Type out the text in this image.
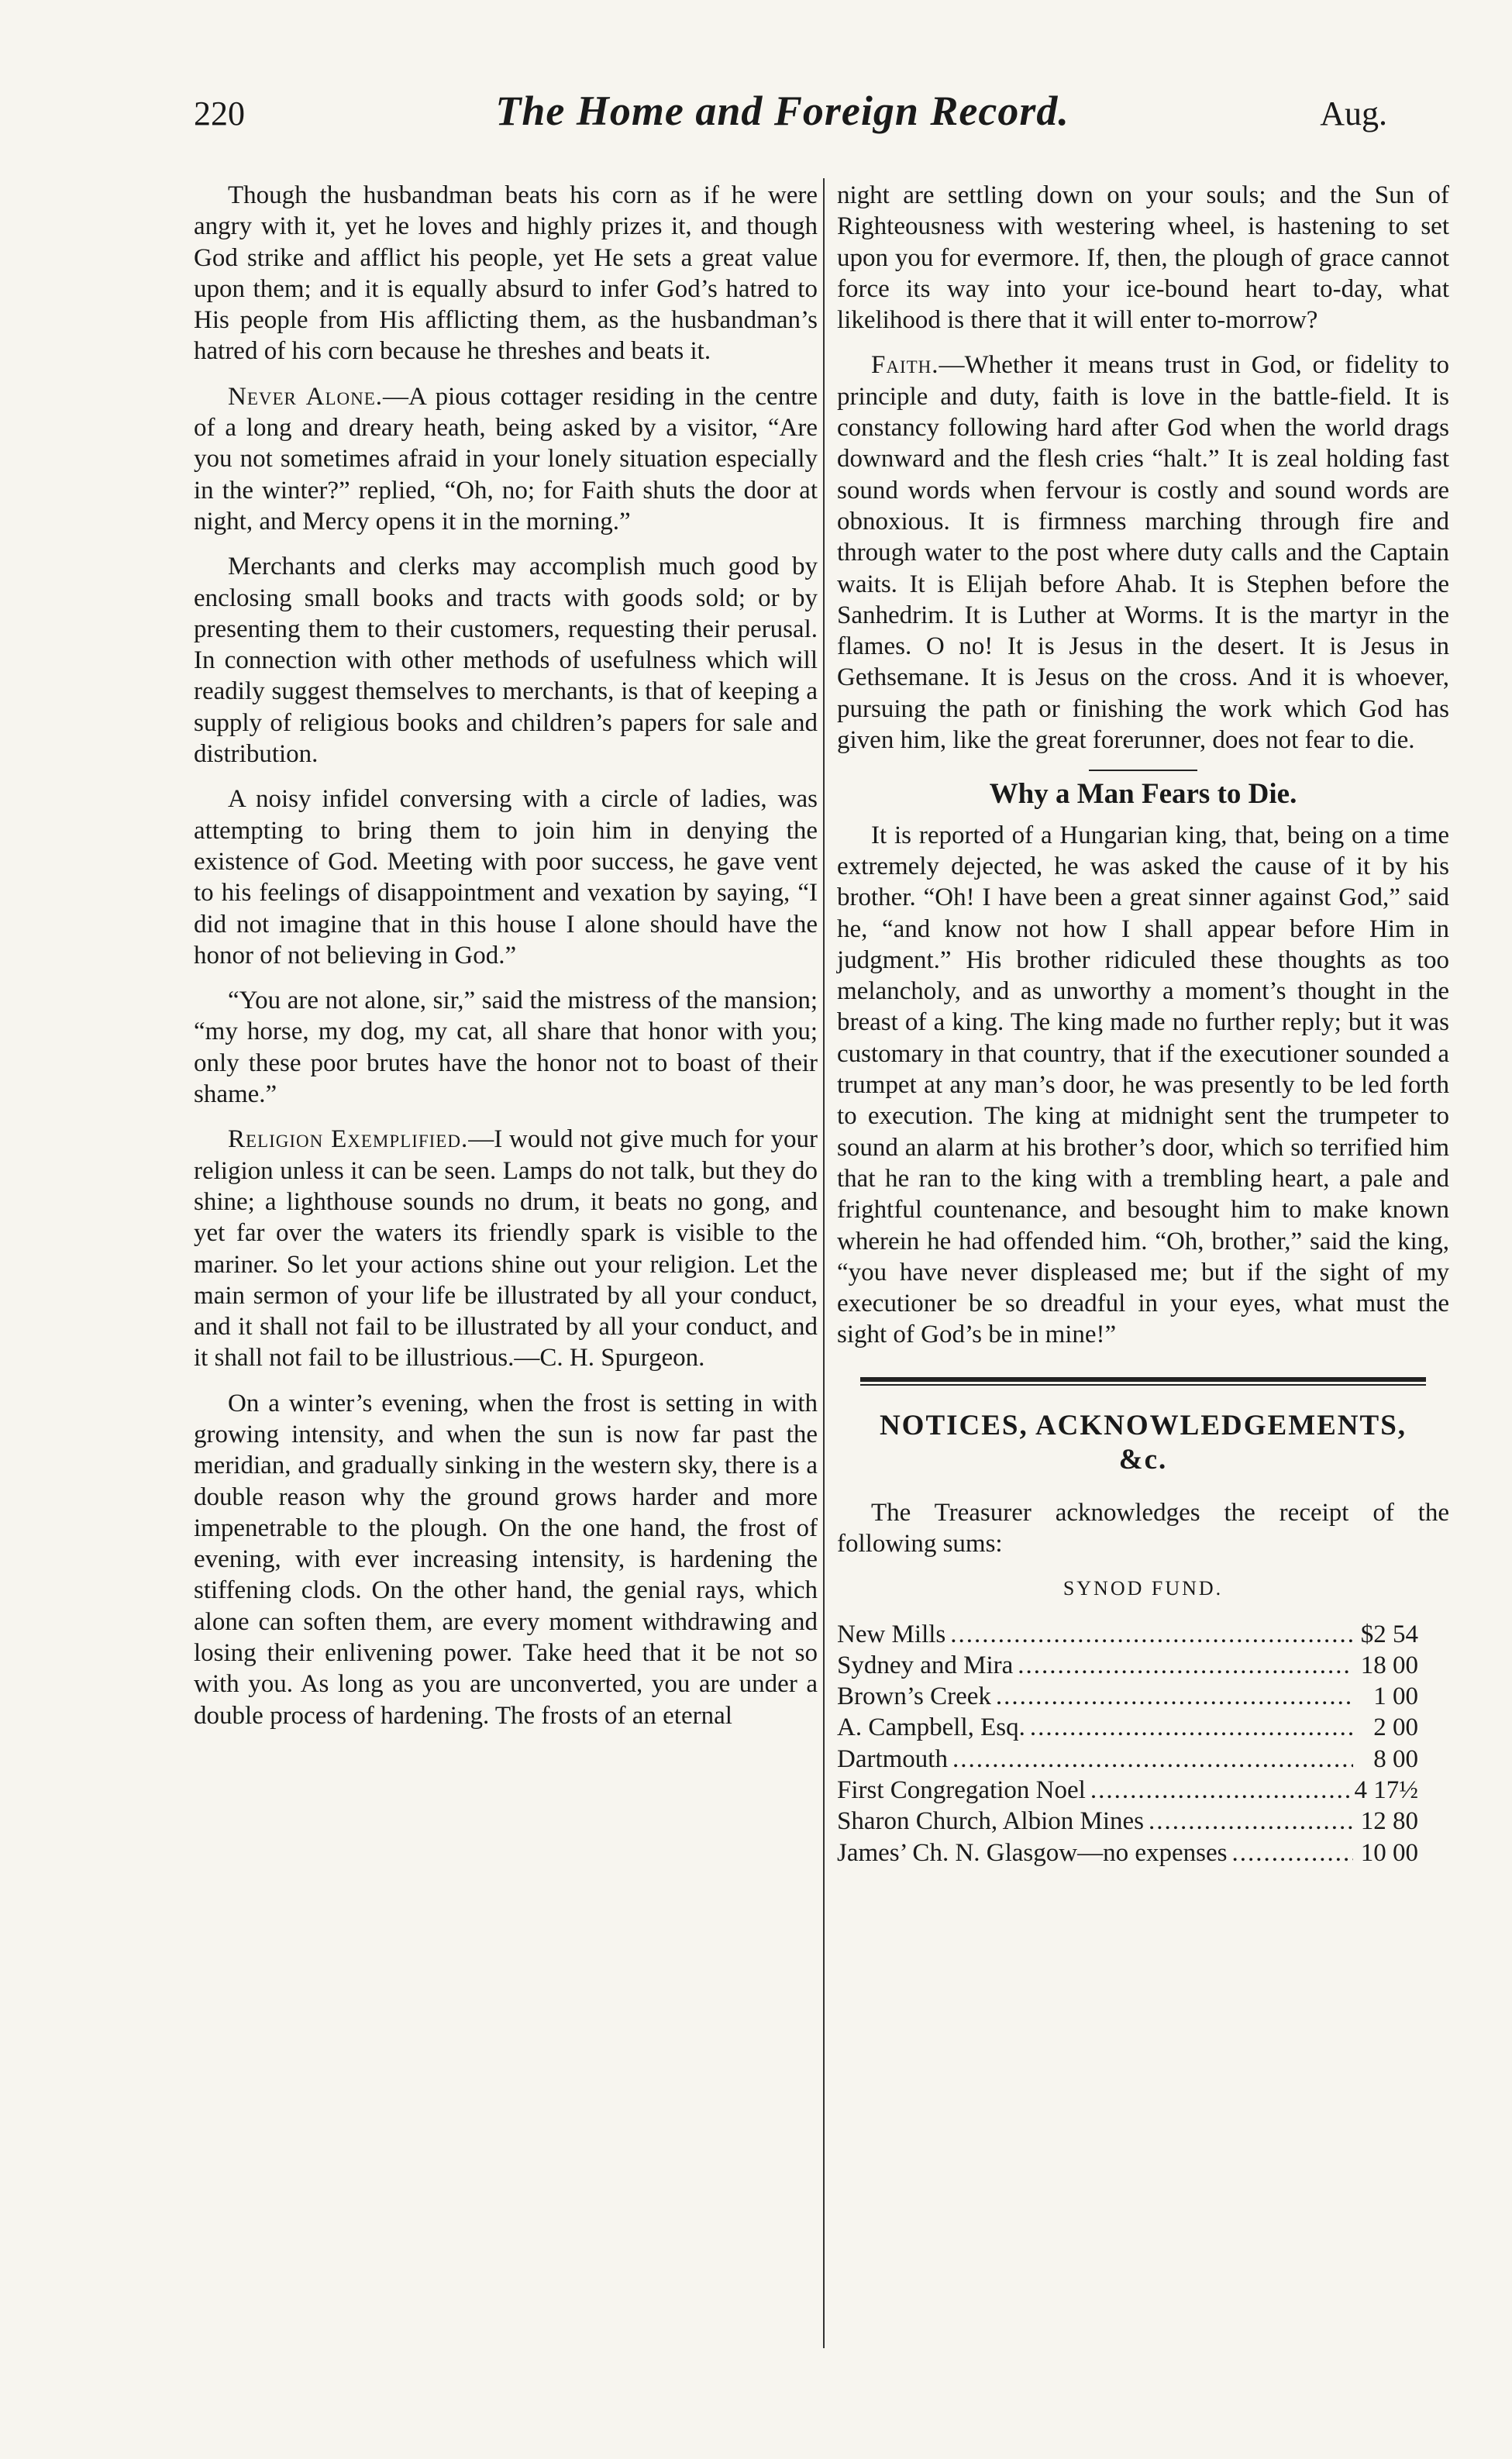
220	The Home and Foreign Record.	Aug.

Though the husbandman beats his corn as if he were angry with it, yet he loves and highly prizes it, and though God strike and afflict his people, yet He sets a great value upon them; and it is equally absurd to infer God’s hatred to His people from His afflicting them, as the husbandman’s hatred of his corn because he threshes and beats it.

Never Alone.—A pious cottager residing in the centre of a long and dreary heath, being asked by a visitor, “Are you not sometimes afraid in your lonely situation especially in the winter?” replied, “Oh, no; for Faith shuts the door at night, and Mercy opens it in the morning.”

Merchants and clerks may accomplish much good by enclosing small books and tracts with goods sold; or by presenting them to their customers, requesting their perusal. In connection with other methods of usefulness which will readily suggest themselves to merchants, is that of keeping a supply of religious books and children’s papers for sale and distribution.

A noisy infidel conversing with a circle of ladies, was attempting to bring them to join him in denying the existence of God. Meeting with poor success, he gave vent to his feelings of disappointment and vexation by saying, “I did not imagine that in this house I alone should have the honor of not believing in God.”

“You are not alone, sir,” said the mistress of the mansion; “my horse, my dog, my cat, all share that honor with you; only these poor brutes have the honor not to boast of their shame.”

Religion Exemplified.—I would not give much for your religion unless it can be seen. Lamps do not talk, but they do shine; a lighthouse sounds no drum, it beats no gong, and yet far over the waters its friendly spark is visible to the mariner. So let your actions shine out your religion. Let the main sermon of your life be illustrated by all your conduct, and it shall not fail to be illustrated by all your conduct, and it shall not fail to be illustrious.—C. H. Spurgeon.

On a winter’s evening, when the frost is setting in with growing intensity, and when the sun is now far past the meridian, and gradually sinking in the western sky, there is a double reason why the ground grows harder and more impenetrable to the plough. On the one hand, the frost of evening, with ever increasing intensity, is hardening the stiffening clods. On the other hand, the genial rays, which alone can soften them, are every moment withdrawing and losing their enlivening power. Take heed that it be not so with you. As long as you are unconverted, you are under a double process of hardening. The frosts of an eternal

night are settling down on your souls; and the Sun of Righteousness with westering wheel, is hastening to set upon you for evermore. If, then, the plough of grace cannot force its way into your ice-bound heart to-day, what likelihood is there that it will enter to-morrow?

Faith.—Whether it means trust in God, or fidelity to principle and duty, faith is love in the battle-field. It is constancy following hard after God when the world drags downward and the flesh cries “halt.” It is zeal holding fast sound words when fervour is costly and sound words are obnoxious. It is firmness marching through fire and through water to the post where duty calls and the Captain waits. It is Elijah before Ahab. It is Stephen before the Sanhedrim. It is Luther at Worms. It is the martyr in the flames. O no! It is Jesus in the desert. It is Jesus in Gethsemane. It is Jesus on the cross. And it is whoever, pursuing the path or finishing the work which God has given him, like the great forerunner, does not fear to die.

Why a Man Fears to Die.

It is reported of a Hungarian king, that, being on a time extremely dejected, he was asked the cause of it by his brother. “Oh! I have been a great sinner against God,” said he, “and know not how I shall appear before Him in judgment.” His brother ridiculed these thoughts as too melancholy, and as unworthy a moment’s thought in the breast of a king. The king made no further reply; but it was customary in that country, that if the executioner sounded a trumpet at any man’s door, he was presently to be led forth to execution. The king at midnight sent the trumpeter to sound an alarm at his brother’s door, which so terrified him that he ran to the king with a trembling heart, a pale and frightful countenance, and besought him to make known wherein he had offended him. “Oh, brother,” said the king, “you have never displeased me; but if the sight of my executioner be so dreadful in your eyes, what must the sight of God’s be in mine!”

NOTICES, ACKNOWLEDGEMENTS, &c.

The Treasurer acknowledges the receipt of the following sums:

SYNOD FUND.
New Mills .....	$2 54
Sydney and Mira .....	18 00
Brown’s Creek .....	1 00
A. Campbell, Esq. .....	2 00
Dartmouth .....	8 00
First Congregation Noel .....	4 17½
Sharon Church, Albion Mines .....	12 80
James’ Ch. N. Glasgow—no expenses .....	10 00
